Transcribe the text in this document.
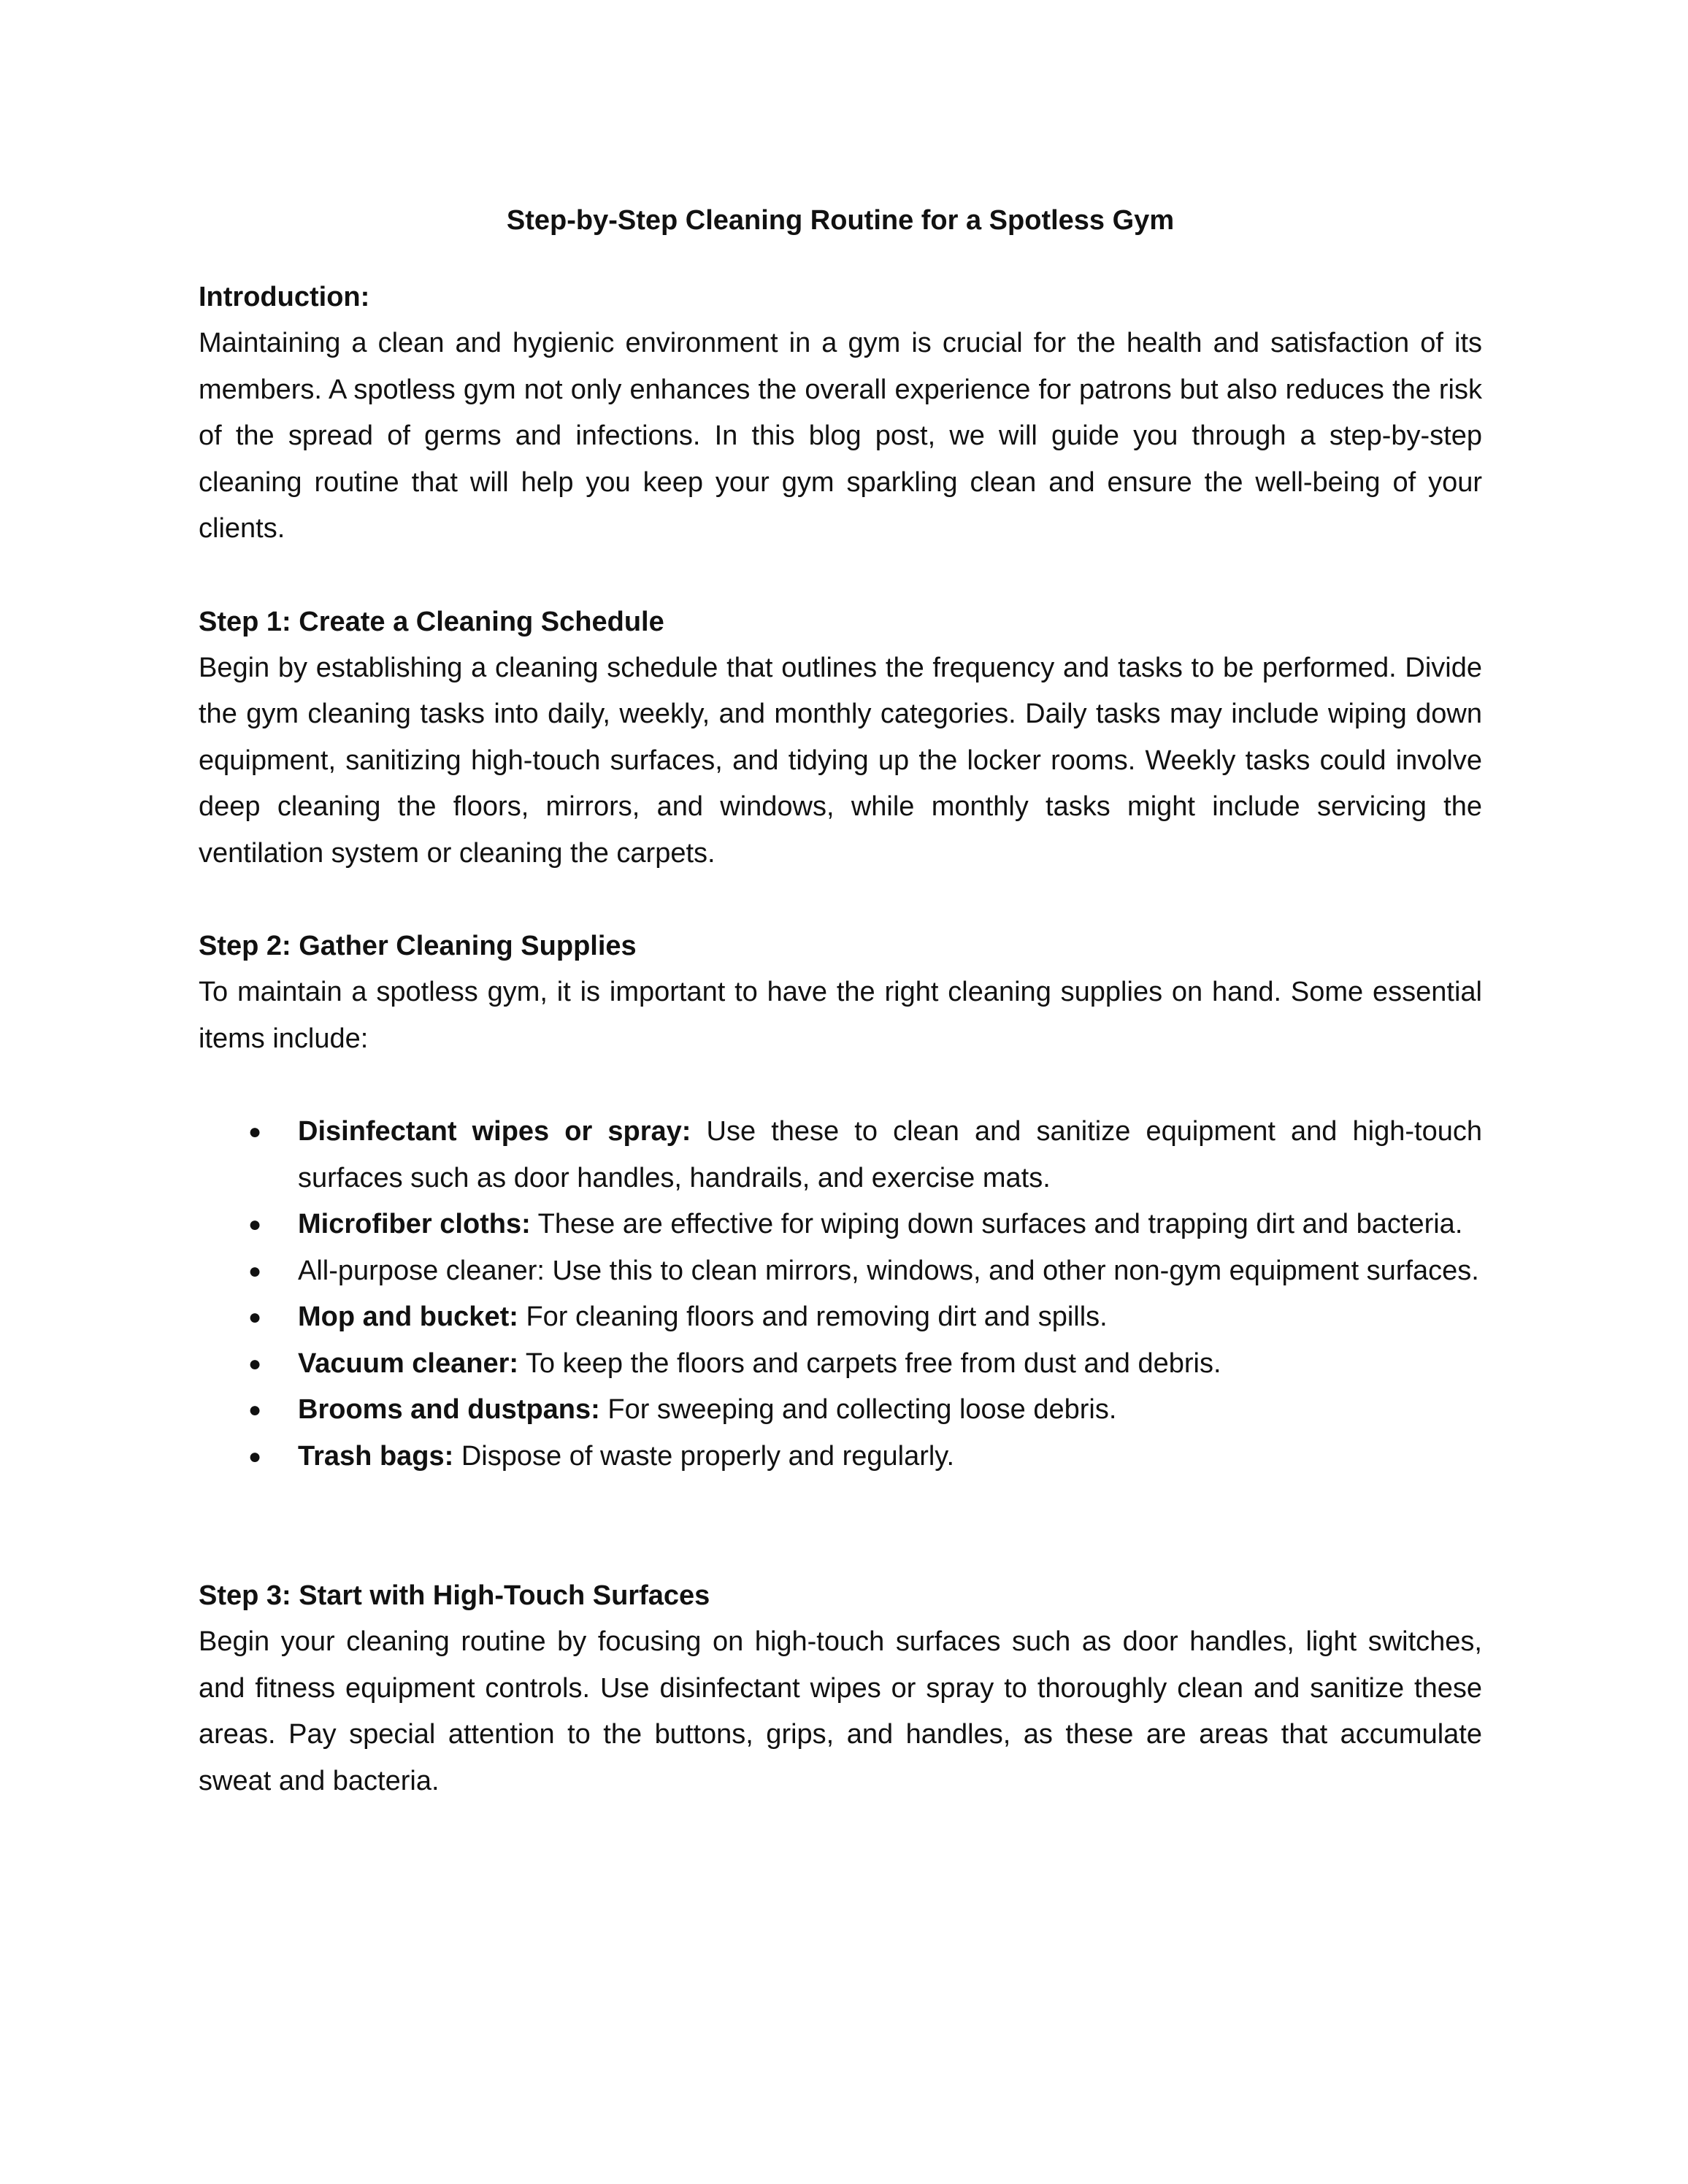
Step-by-Step Cleaning Routine for a Spotless Gym

Introduction:

Maintaining a clean and hygienic environment in a gym is crucial for the health and satisfaction of its members. A spotless gym not only enhances the overall experience for patrons but also reduces the risk of the spread of germs and infections. In this blog post, we will guide you through a step-by-step cleaning routine that will help you keep your gym sparkling clean and ensure the well-being of your clients.

Step 1: Create a Cleaning Schedule

Begin by establishing a cleaning schedule that outlines the frequency and tasks to be performed. Divide the gym cleaning tasks into daily, weekly, and monthly categories. Daily tasks may include wiping down equipment, sanitizing high-touch surfaces, and tidying up the locker rooms. Weekly tasks could involve deep cleaning the floors, mirrors, and windows, while monthly tasks might include servicing the ventilation system or cleaning the carpets.

Step 2: Gather Cleaning Supplies

To maintain a spotless gym, it is important to have the right cleaning supplies on hand. Some essential items include:

● Disinfectant wipes or spray: Use these to clean and sanitize equipment and high-touch surfaces such as door handles, handrails, and exercise mats.
● Microfiber cloths: These are effective for wiping down surfaces and trapping dirt and bacteria.
● All-purpose cleaner: Use this to clean mirrors, windows, and other non-gym equipment surfaces.
● Mop and bucket: For cleaning floors and removing dirt and spills.
● Vacuum cleaner: To keep the floors and carpets free from dust and debris.
● Brooms and dustpans: For sweeping and collecting loose debris.
● Trash bags: Dispose of waste properly and regularly.

Step 3: Start with High-Touch Surfaces

Begin your cleaning routine by focusing on high-touch surfaces such as door handles, light switches, and fitness equipment controls. Use disinfectant wipes or spray to thoroughly clean and sanitize these areas. Pay special attention to the buttons, grips, and handles, as these are areas that accumulate sweat and bacteria.
